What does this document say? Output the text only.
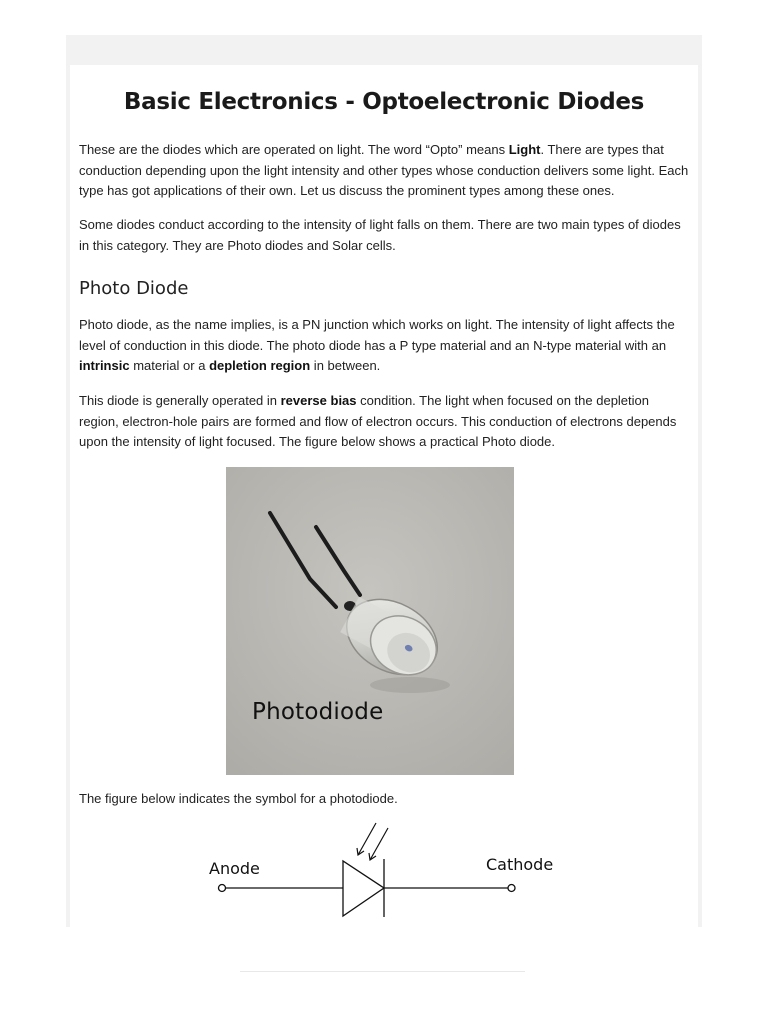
Basic Electronics - Optoelectronic Diodes

These are the diodes which are operated on light. The word “Opto” means Light. There are types that conduction depending upon the light intensity and other types whose conduction delivers some light. Each type has got applications of their own. Let us discuss the prominent types among these ones.

Some diodes conduct according to the intensity of light falls on them. There are two main types of diodes in this category. They are Photo diodes and Solar cells.

Photo Diode

Photo diode, as the name implies, is a PN junction which works on light. The intensity of light affects the level of conduction in this diode. The photo diode has a P type material and an N-type material with an intrinsic material or a depletion region in between.

This diode is generally operated in reverse bias condition. The light when focused on the depletion region, electron-hole pairs are formed and flow of electron occurs. This conduction of electrons depends upon the intensity of light focused. The figure below shows a practical Photo diode.

Photodiode

The figure below indicates the symbol for a photodiode.

Anode	Cathode
